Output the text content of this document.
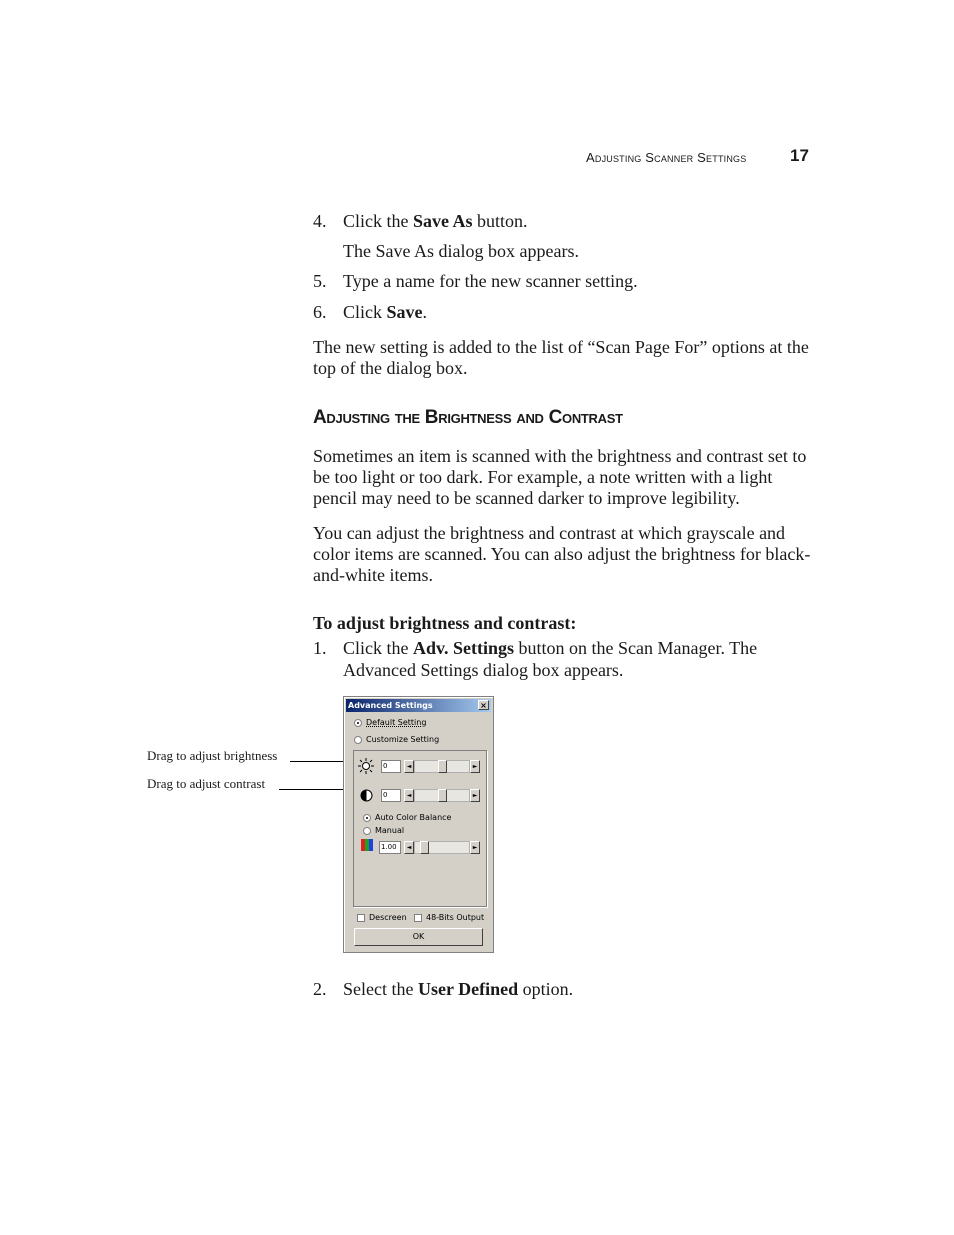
Adjusting Scanner Settings	17
4. Click the Save As button.
The Save As dialog box appears.
5. Type a name for the new scanner setting.
6. Click Save.
The new setting is added to the list of “Scan Page For” options at the top of the dialog box.
Adjusting the Brightness and Contrast
Sometimes an item is scanned with the brightness and contrast set to be too light or too dark. For example, a note written with a light pencil may need to be scanned darker to improve legibility.
You can adjust the brightness and contrast at which grayscale and color items are scanned. You can also adjust the brightness for black-and-white items.
To adjust brightness and contrast:
1. Click the Adv. Settings button on the Scan Manager. The Advanced Settings dialog box appears.
Drag to adjust brightness
Drag to adjust contrast
Advanced Settings	×
Default Setting
Customize Setting
0	◄	►
0	◄	►
Auto Color Balance
Manual
1.00	◄	►
Descreen 48-Bits Output
OK
2. Select the User Defined option.
